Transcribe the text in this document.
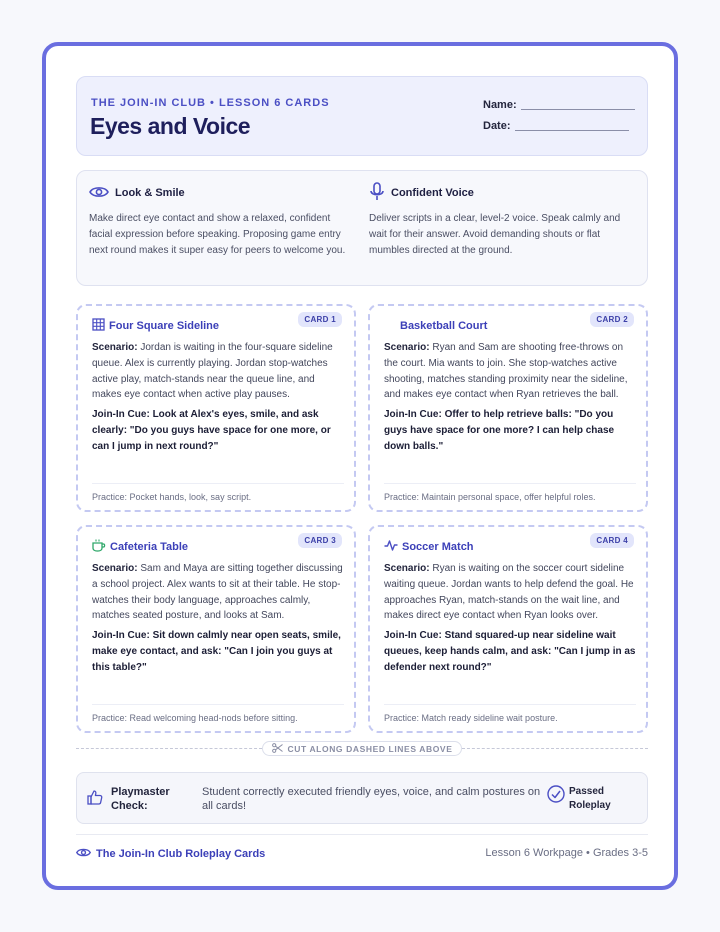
THE JOIN-IN CLUB • LESSON 6 CARDS
Eyes and Voice
Name:
Date:
Look & Smile
Make direct eye contact and show a relaxed, confident facial expression before speaking. Proposing game entry next round makes it super easy for peers to welcome you.
Confident Voice
Deliver scripts in a clear, level-2 voice. Speak calmly and wait for their answer. Avoid demanding shouts or flat mumbles directed at the ground.
CARD 1
Four Square Sideline
Scenario: Jordan is waiting in the four-square sideline queue. Alex is currently playing. Jordan stop-watches active play, match-stands near the queue line, and makes eye contact when active play pauses.
Join-In Cue: Look at Alex's eyes, smile, and ask clearly: "Do you guys have space for one more, or can I jump in next round?"
Practice: Pocket hands, look, say script.
CARD 2
Basketball Court
Scenario: Ryan and Sam are shooting free-throws on the court. Mia wants to join. She stop-watches active shooting, matches standing proximity near the sideline, and makes eye contact when Ryan retrieves the ball.
Join-In Cue: Offer to help retrieve balls: "Do you guys have space for one more? I can help chase down balls."
Practice: Maintain personal space, offer helpful roles.
CARD 3
Cafeteria Table
Scenario: Sam and Maya are sitting together discussing a school project. Alex wants to sit at their table. He stop-watches their body language, approaches calmly, matches seated posture, and looks at Sam.
Join-In Cue: Sit down calmly near open seats, smile, make eye contact, and ask: "Can I join you guys at this table?"
Practice: Read welcoming head-nods before sitting.
CARD 4
Soccer Match
Scenario: Ryan is waiting on the soccer court sideline waiting queue. Jordan wants to help defend the goal. He approaches Ryan, match-stands on the wait line, and makes direct eye contact when Ryan looks over.
Join-In Cue: Stand squared-up near sideline wait queues, keep hands calm, and ask: "Can I jump in as defender next round?"
Practice: Match ready sideline wait posture.
CUT ALONG DASHED LINES ABOVE
Playmaster Check:
Student correctly executed friendly eyes, voice, and calm postures on all cards!
Passed Roleplay
The Join-In Club Roleplay Cards	Lesson 6 Workpage • Grades 3-5
